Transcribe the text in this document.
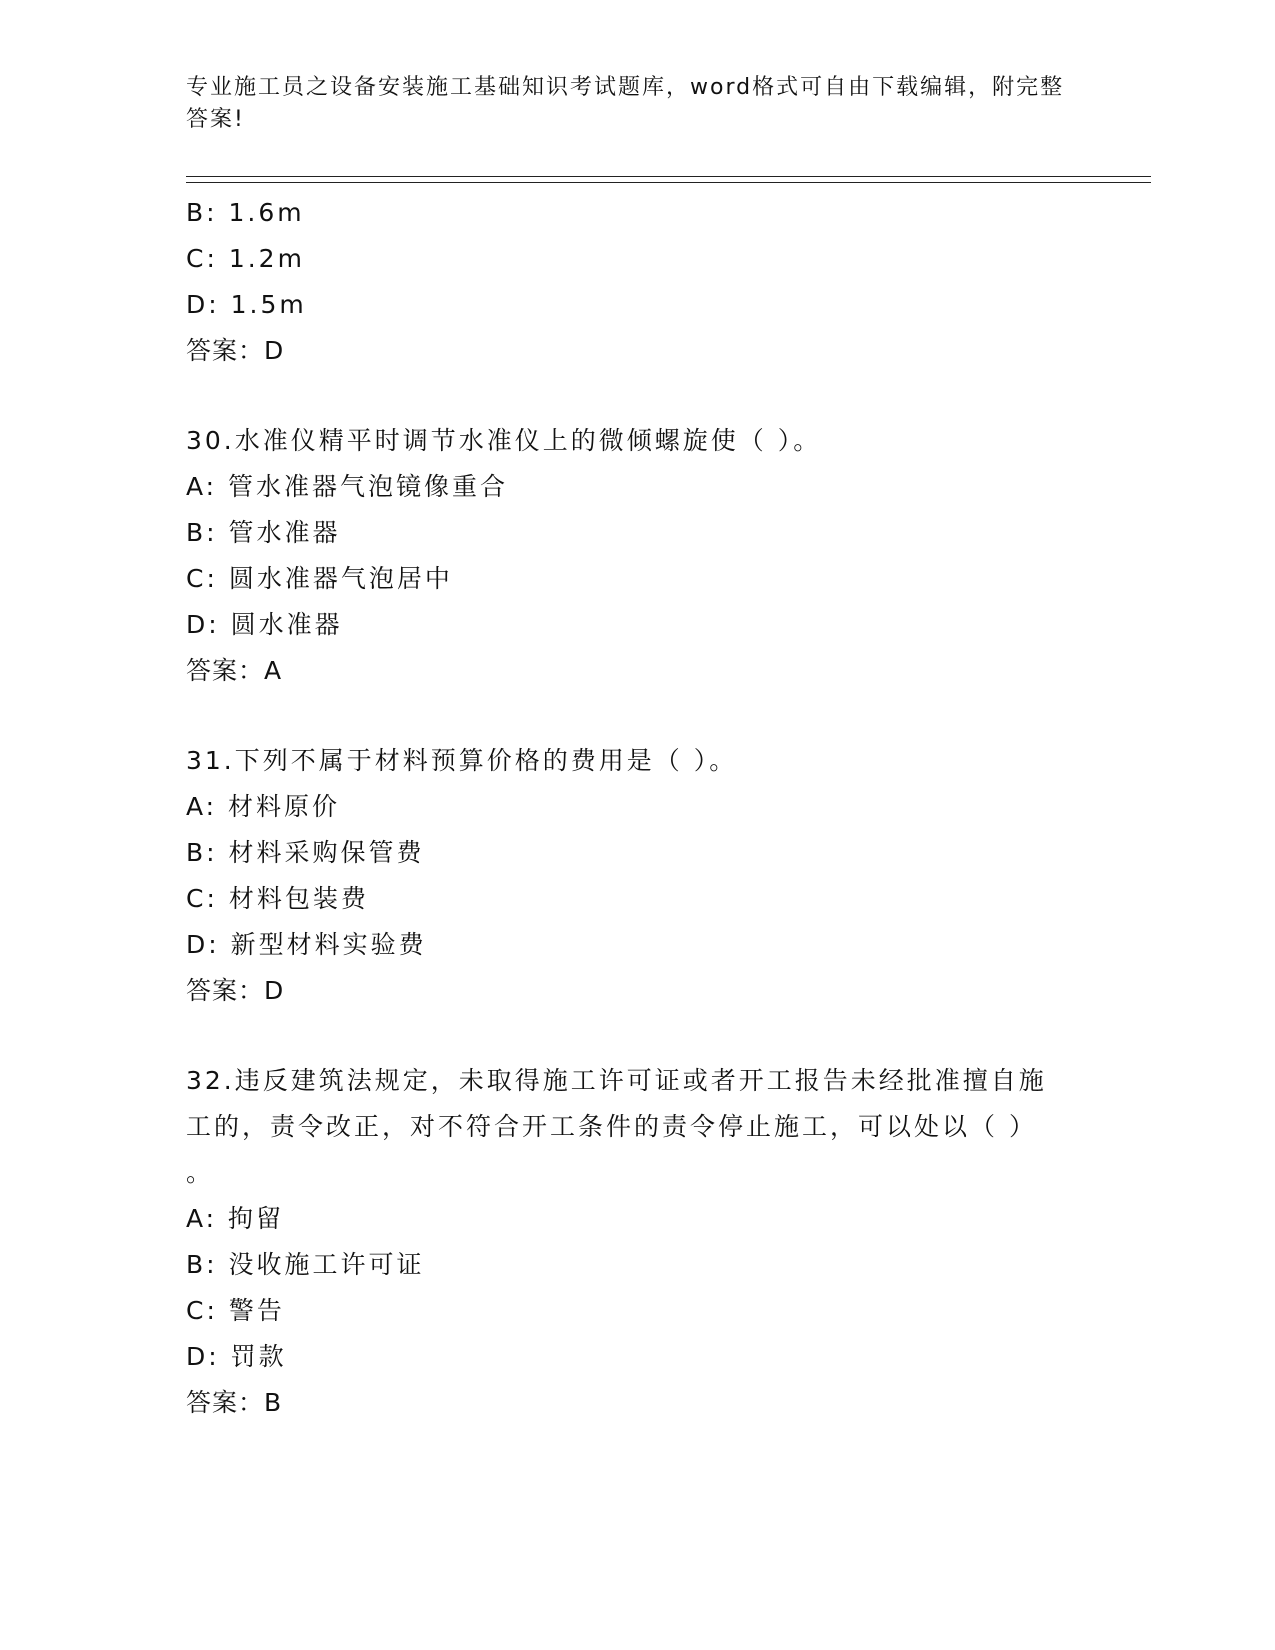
专业施工员之设备安装施工基础知识考试题库，word格式可自由下载编辑，附完整答案!
B: 1.6m
C: 1.2m
D: 1.5m
答案：D
30.水准仪精平时调节水准仪上的微倾螺旋使（ ）。
A: 管水准器气泡镜像重合
B: 管水准器
C: 圆水准器气泡居中
D: 圆水准器
答案：A
31.下列不属于材料预算价格的费用是（ ）。
A: 材料原价
B: 材料采购保管费
C: 材料包装费
D: 新型材料实验费
答案：D
32.违反建筑法规定，未取得施工许可证或者开工报告未经批准擅自施
工的，责令改正，对不符合开工条件的责令停止施工，可以处以（ ）
。
A: 拘留
B: 没收施工许可证
C: 警告
D: 罚款
答案：B
